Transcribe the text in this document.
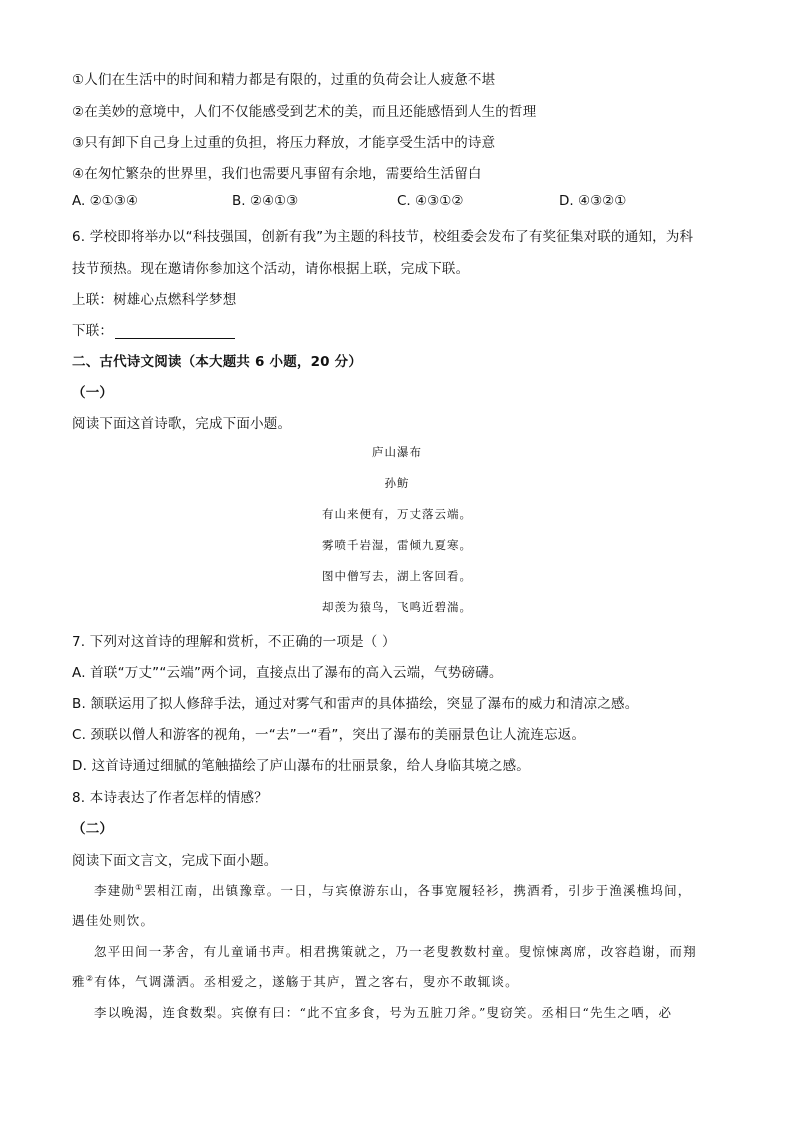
①人们在生活中的时间和精力都是有限的，过重的负荷会让人疲惫不堪
②在美妙的意境中，人们不仅能感受到艺术的美，而且还能感悟到人生的哲理
③只有卸下自己身上过重的负担，将压力释放，才能享受生活中的诗意
④在匆忙繁杂的世界里，我们也需要凡事留有余地，需要给生活留白
A. ②①③④	B. ②④①③	C. ④③①②	D. ④③②①
6. 学校即将举办以“科技强国，创新有我”为主题的科技节，校组委会发布了有奖征集对联的通知，为科
技节预热。现在邀请你参加这个活动，请你根据上联，完成下联。
上联：树雄心点燃科学梦想
下联：
二、古代诗文阅读（本大题共 6 小题，20 分）
（一）
阅读下面这首诗歌，完成下面小题。
庐山瀑布
孙鲂
有山来便有，万丈落云端。
雾喷千岩湿，雷倾九夏寒。
图中僧写去，湖上客回看。
却羡为猿鸟，飞鸣近碧湍。
7. 下列对这首诗的理解和赏析，不正确的一项是（ ）
A. 首联“万丈”“云端”两个词，直接点出了瀑布的高入云端，气势磅礴。
B. 颔联运用了拟人修辞手法，通过对雾气和雷声的具体描绘，突显了瀑布的威力和清凉之感。
C. 颈联以僧人和游客的视角，一“去”一“看”，突出了瀑布的美丽景色让人流连忘返。
D. 这首诗通过细腻的笔触描绘了庐山瀑布的壮丽景象，给人身临其境之感。
8. 本诗表达了作者怎样的情感？
（二）
阅读下面文言文，完成下面小题。
李建勋①罢相江南，出镇豫章。一日，与宾僚游东山，各事宽履轻衫，携酒肴，引步于渔溪樵坞间，
遇佳处则饮。
忽平田间一茅舍，有儿童诵书声。相君携策就之，乃一老叟教数村童。叟惊悚离席，改容趋谢，而翔
雅②有体，气调潇洒。丞相爱之，遂觞于其庐，置之客右，叟亦不敢辄谈。
李以晚渴，连食数梨。宾僚有曰：“此不宜多食，号为五脏刀斧。”叟窃笑。丞相曰“先生之哂，必
